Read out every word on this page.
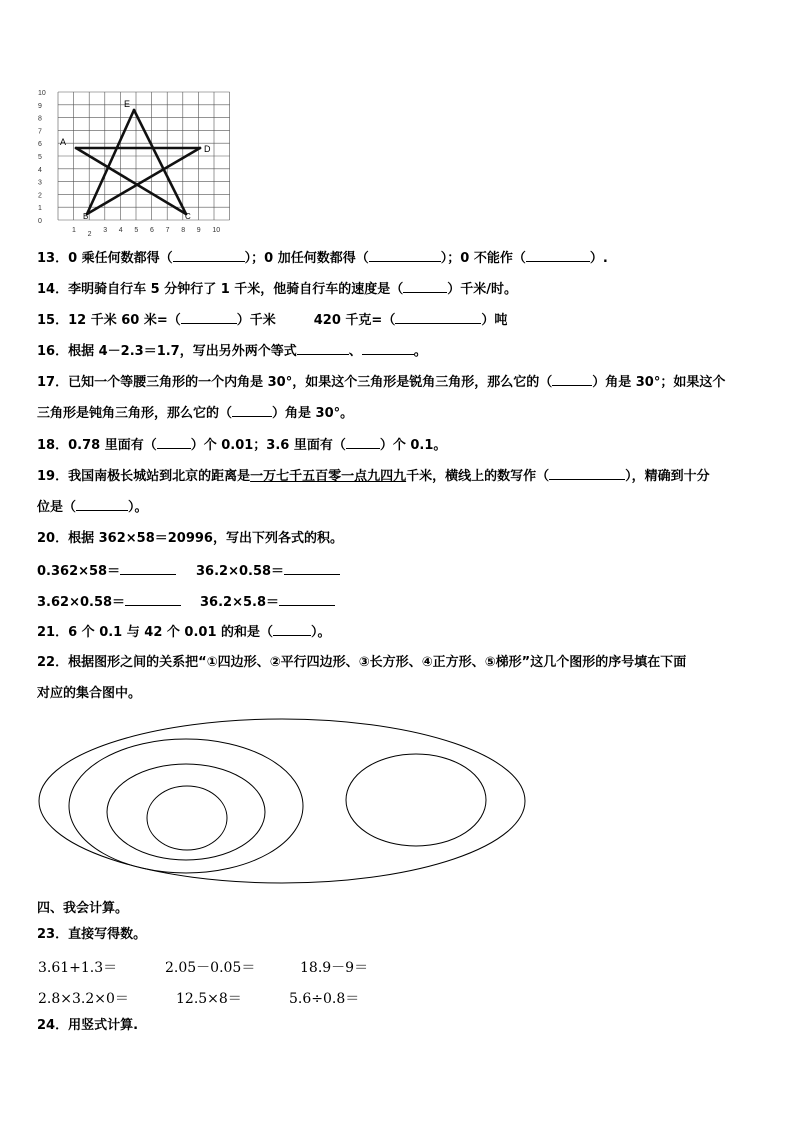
10
9
8
7
6
5
4
3
2
1
0
1
2
3 4 5 6 7 8 9 10
A
B	C
D
E
13．0 乘任何数都得（	）；0 加任何数都得（	）；0 不能作（	）.
14．李明骑自行车 5 分钟行了 1 千米，他骑自行车的速度是（	）千米/时。
15．12 千米 60 米=（	）千米	420 千克=（	）吨
16．根据 4－2.3＝1.7，写出另外两个等式	、	。
17．已知一个等腰三角形的一个内角是 30°，如果这个三角形是锐角三角形，那么它的（	）角是 30°；如果这个
三角形是钝角三角形，那么它的（	）角是 30°。
18．0.78 里面有（	）个 0.01；3.6 里面有（	）个 0.1。
19．我国南极长城站到北京的距离是一万七千五百零一点九四九千米，横线上的数写作（	），精确到十分
位是（	）。
20．根据 362×58＝20996，写出下列各式的积。
0.362×58＝	36.2×0.58＝
3.62×0.58＝	36.2×5.8＝
21．6 个 0.1 与 42 个 0.01 的和是（	）。
22．根据图形之间的关系把“①四边形、②平行四边形、③长方形、④正方形、⑤梯形”这几个图形的序号填在下面
对应的集合图中。
四、我会计算。
23．直接写得数。
3.61+1.3＝	2.05－0.05＝	18.9－9＝
2.8×3.2×0＝	12.5×8＝	5.6÷0.8＝
24．用竖式计算.
